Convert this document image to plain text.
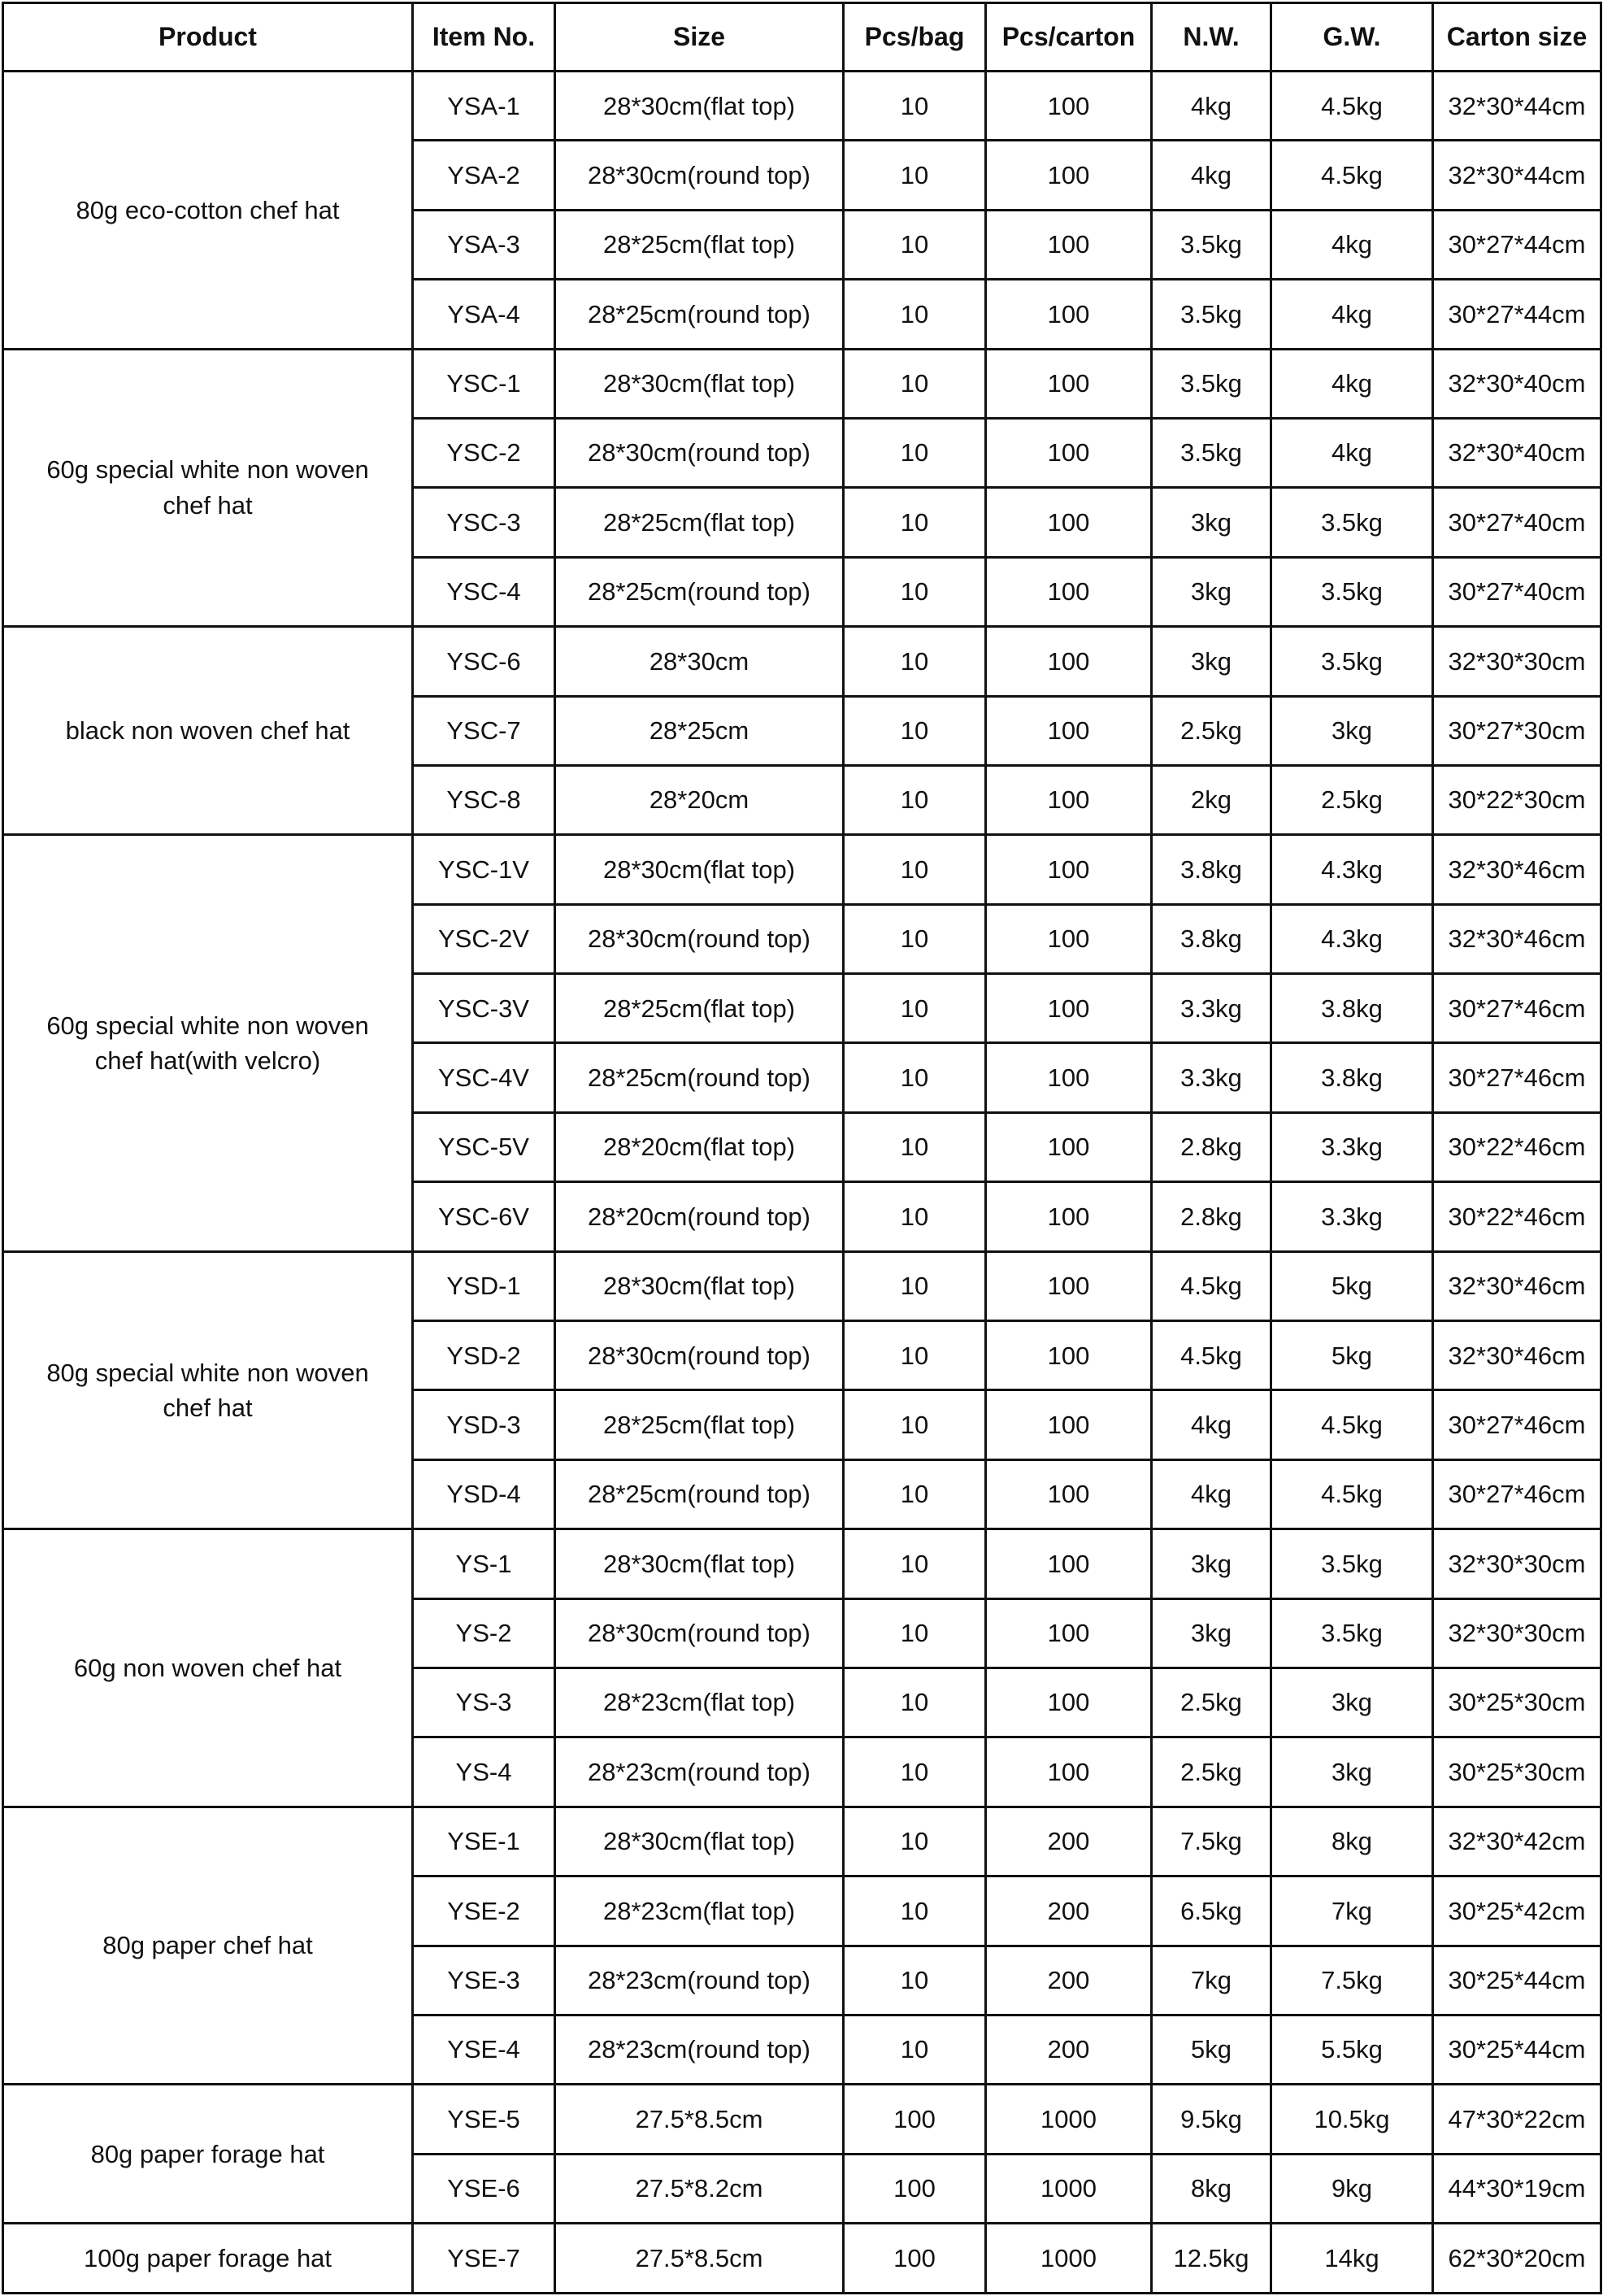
Product	Item No.	Size	Pcs/bag	Pcs/carton	N.W.	G.W.	Carton size
80g eco-cotton chef hat	YSA-1	28*30cm(flat top)	10	100	4kg	4.5kg	32*30*44cm
	YSA-2	28*30cm(round top)	10	100	4kg	4.5kg	32*30*44cm
	YSA-3	28*25cm(flat top)	10	100	3.5kg	4kg	30*27*44cm
	YSA-4	28*25cm(round top)	10	100	3.5kg	4kg	30*27*44cm
60g special white non woven chef hat	YSC-1	28*30cm(flat top)	10	100	3.5kg	4kg	32*30*40cm
	YSC-2	28*30cm(round top)	10	100	3.5kg	4kg	32*30*40cm
	YSC-3	28*25cm(flat top)	10	100	3kg	3.5kg	30*27*40cm
	YSC-4	28*25cm(round top)	10	100	3kg	3.5kg	30*27*40cm
black non woven chef hat	YSC-6	28*30cm	10	100	3kg	3.5kg	32*30*30cm
	YSC-7	28*25cm	10	100	2.5kg	3kg	30*27*30cm
	YSC-8	28*20cm	10	100	2kg	2.5kg	30*22*30cm
60g special white non woven chef hat(with velcro)	YSC-1V	28*30cm(flat top)	10	100	3.8kg	4.3kg	32*30*46cm
	YSC-2V	28*30cm(round top)	10	100	3.8kg	4.3kg	32*30*46cm
	YSC-3V	28*25cm(flat top)	10	100	3.3kg	3.8kg	30*27*46cm
	YSC-4V	28*25cm(round top)	10	100	3.3kg	3.8kg	30*27*46cm
	YSC-5V	28*20cm(flat top)	10	100	2.8kg	3.3kg	30*22*46cm
	YSC-6V	28*20cm(round top)	10	100	2.8kg	3.3kg	30*22*46cm
80g special white non woven chef hat	YSD-1	28*30cm(flat top)	10	100	4.5kg	5kg	32*30*46cm
	YSD-2	28*30cm(round top)	10	100	4.5kg	5kg	32*30*46cm
	YSD-3	28*25cm(flat top)	10	100	4kg	4.5kg	30*27*46cm
	YSD-4	28*25cm(round top)	10	100	4kg	4.5kg	30*27*46cm
60g non woven chef hat	YS-1	28*30cm(flat top)	10	100	3kg	3.5kg	32*30*30cm
	YS-2	28*30cm(round top)	10	100	3kg	3.5kg	32*30*30cm
	YS-3	28*23cm(flat top)	10	100	2.5kg	3kg	30*25*30cm
	YS-4	28*23cm(round top)	10	100	2.5kg	3kg	30*25*30cm
80g paper chef hat	YSE-1	28*30cm(flat top)	10	200	7.5kg	8kg	32*30*42cm
	YSE-2	28*23cm(flat top)	10	200	6.5kg	7kg	30*25*42cm
	YSE-3	28*23cm(round top)	10	200	7kg	7.5kg	30*25*44cm
	YSE-4	28*23cm(round top)	10	200	5kg	5.5kg	30*25*44cm
80g paper forage hat	YSE-5	27.5*8.5cm	100	1000	9.5kg	10.5kg	47*30*22cm
	YSE-6	27.5*8.2cm	100	1000	8kg	9kg	44*30*19cm
100g paper forage hat	YSE-7	27.5*8.5cm	100	1000	12.5kg	14kg	62*30*20cm
